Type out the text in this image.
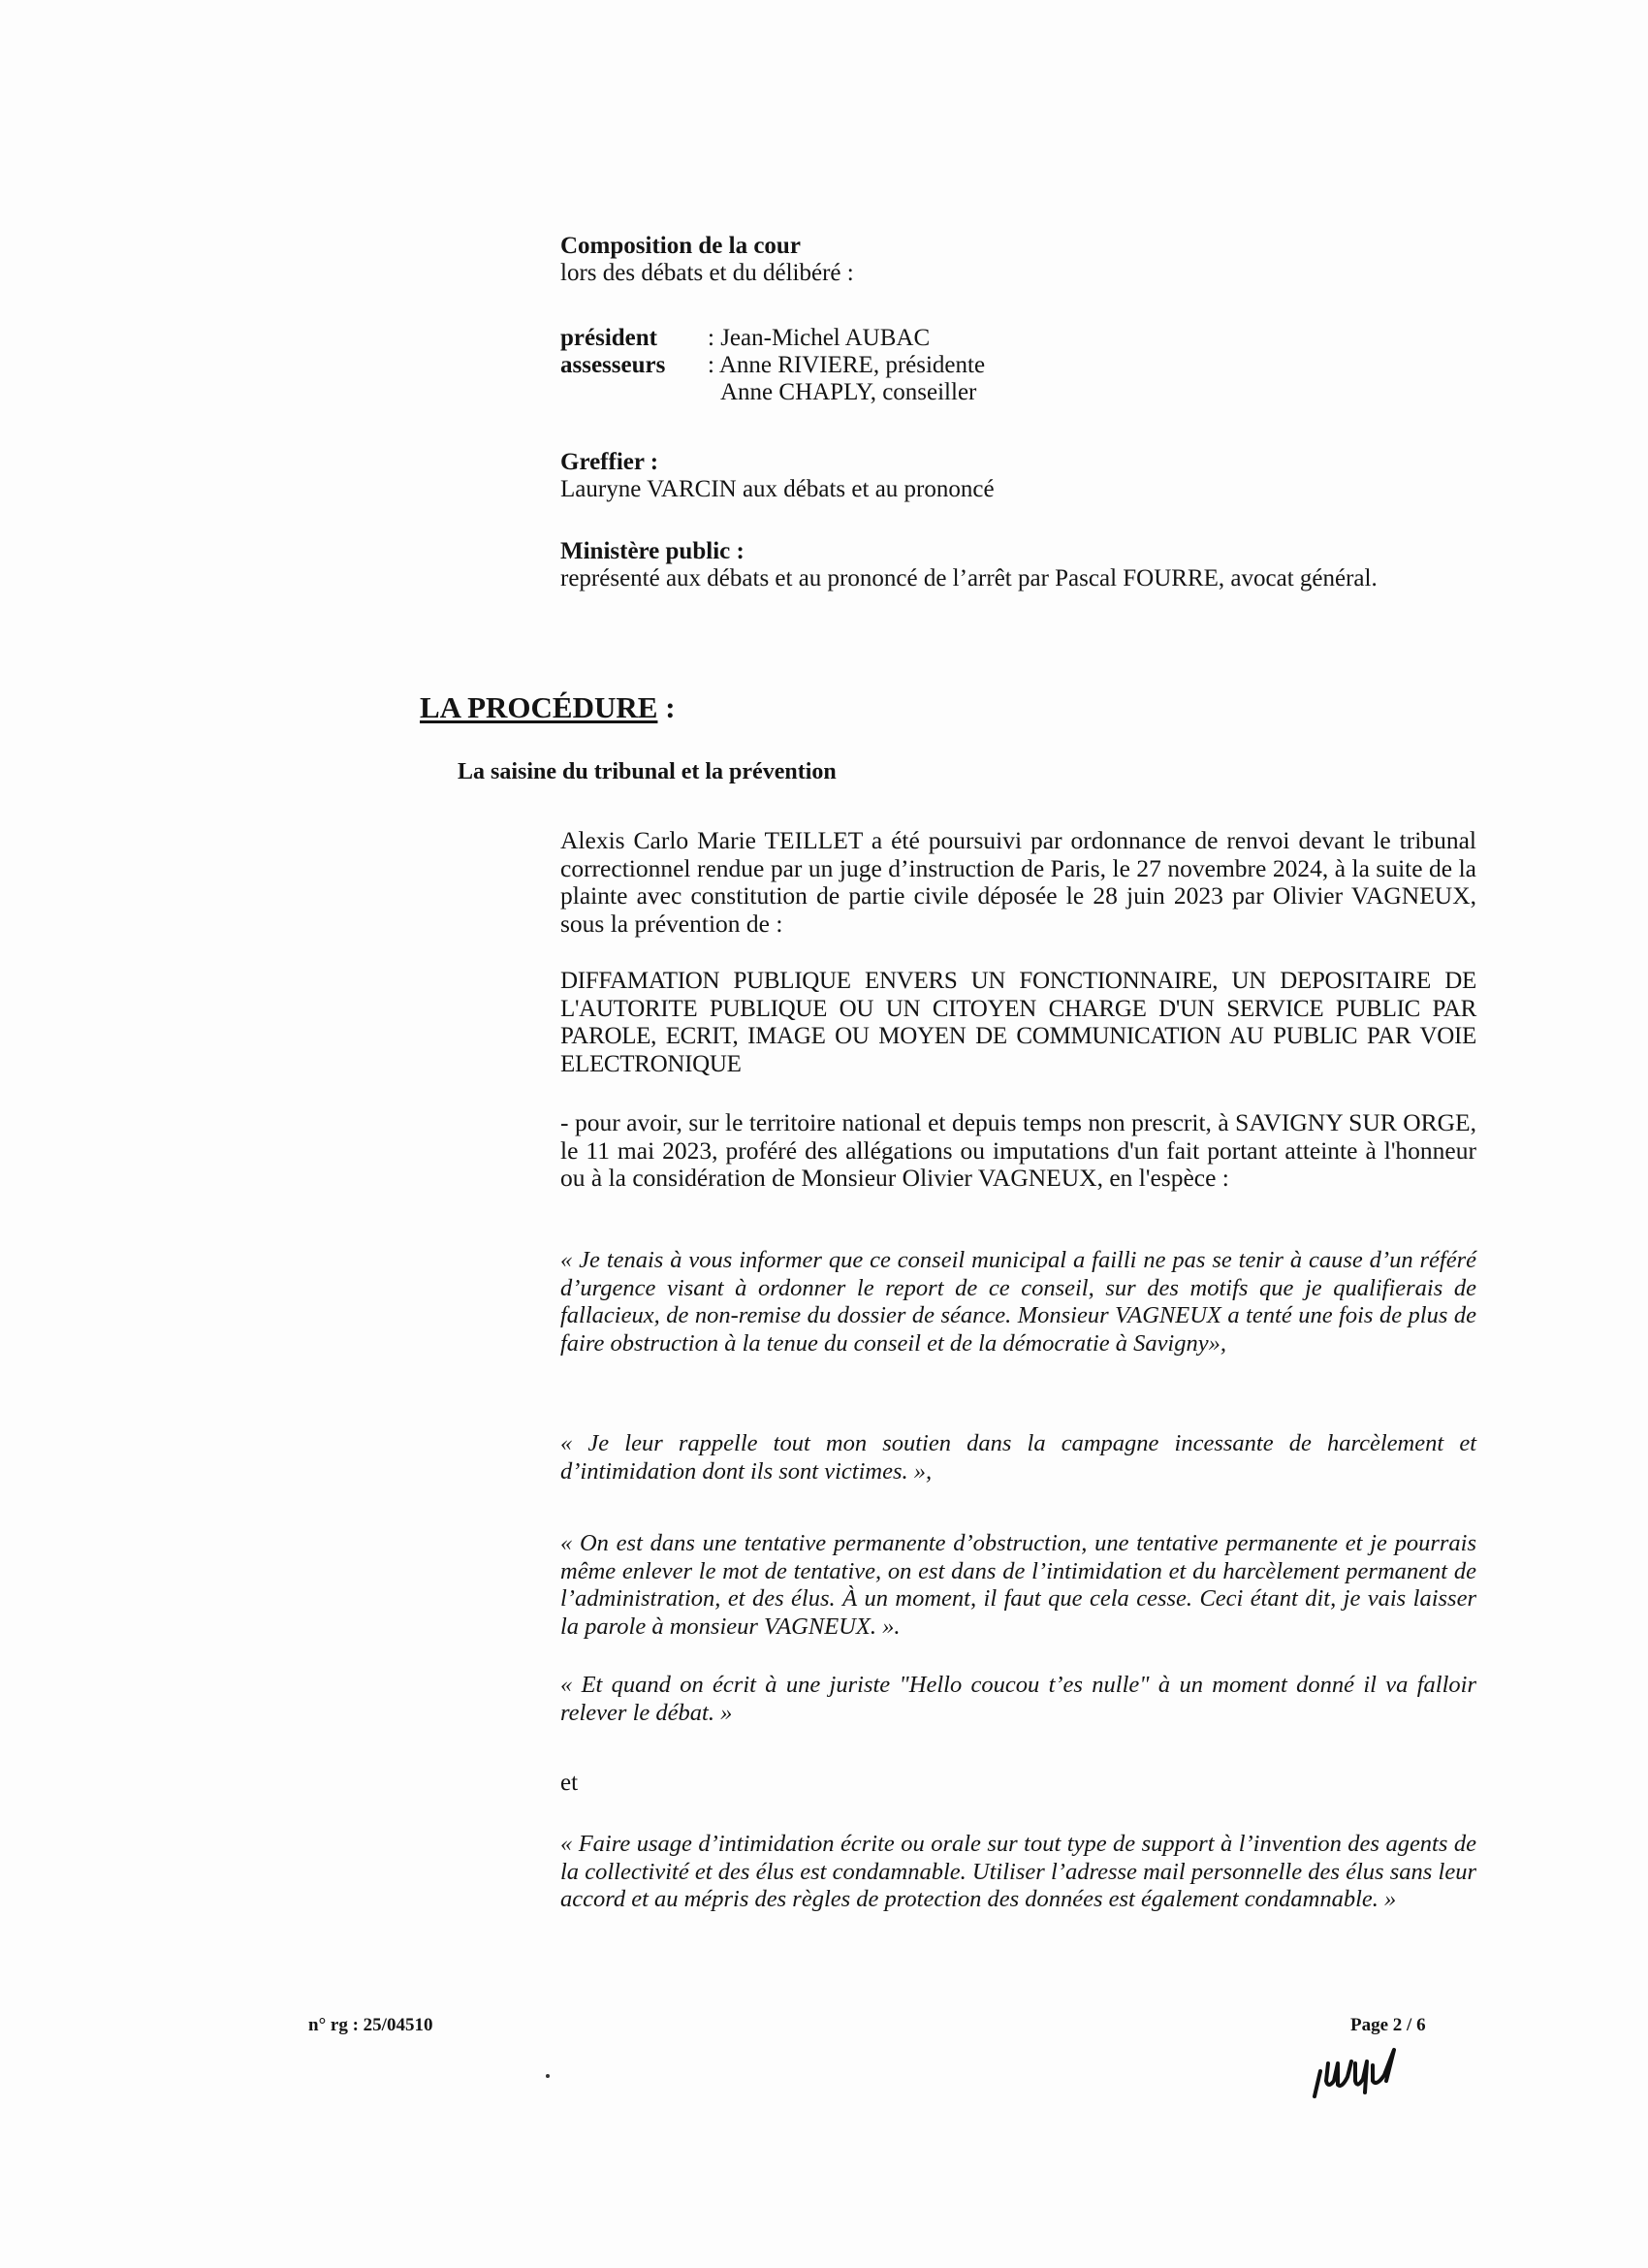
Composition de la cour
lors des débats et du délibéré :
président : Jean-Michel AUBAC
assesseurs : Anne RIVIERE, présidente
Anne CHAPLY, conseiller
Greffier :
Lauryne VARCIN aux débats et au prononcé
Ministère public :
représenté aux débats et au prononcé de l’arrêt par Pascal FOURRE, avocat général.
LA PROCÉDURE :
La saisine du tribunal et la prévention
Alexis Carlo Marie TEILLET a été poursuivi par ordonnance de renvoi devant le tribunal correctionnel rendue par un juge d’instruction de Paris, le 27 novembre 2024, à la suite de la plainte avec constitution de partie civile déposée le 28 juin 2023 par Olivier VAGNEUX, sous la prévention de :
DIFFAMATION PUBLIQUE ENVERS UN FONCTIONNAIRE, UN DEPOSITAIRE DE L'AUTORITE PUBLIQUE OU UN CITOYEN CHARGE D'UN SERVICE PUBLIC PAR PAROLE, ECRIT, IMAGE OU MOYEN DE COMMUNICATION AU PUBLIC PAR VOIE ELECTRONIQUE
- pour avoir, sur le territoire national et depuis temps non prescrit, à SAVIGNY SUR ORGE, le 11 mai 2023, proféré des allégations ou imputations d'un fait portant atteinte à l'honneur ou à la considération de Monsieur Olivier VAGNEUX, en l'espèce :
« Je tenais à vous informer que ce conseil municipal a failli ne pas se tenir à cause d’un référé d’urgence visant à ordonner le report de ce conseil, sur des motifs que je qualifierais de fallacieux, de non-remise du dossier de séance. Monsieur VAGNEUX a tenté une fois de plus de faire obstruction à la tenue du conseil et de la démocratie à Savigny»,
« Je leur rappelle tout mon soutien dans la campagne incessante de harcèlement et d’intimidation dont ils sont victimes. »,
« On est dans une tentative permanente d’obstruction, une tentative permanente et je pourrais même enlever le mot de tentative, on est dans de l’intimidation et du harcèlement permanent de l’administration, et des élus. À un moment, il faut que cela cesse. Ceci étant dit, je vais laisser la parole à monsieur VAGNEUX. ».
« Et quand on écrit à une juriste "Hello coucou t’es nulle" à un moment donné il va falloir relever le débat. »
et
« Faire usage d’intimidation écrite ou orale sur tout type de support à l’invention des agents de la collectivité et des élus est condamnable. Utiliser l’adresse mail personnelle des élus sans leur accord et au mépris des règles de protection des données est également condamnable. »
n° rg : 25/04510	Page 2 / 6
